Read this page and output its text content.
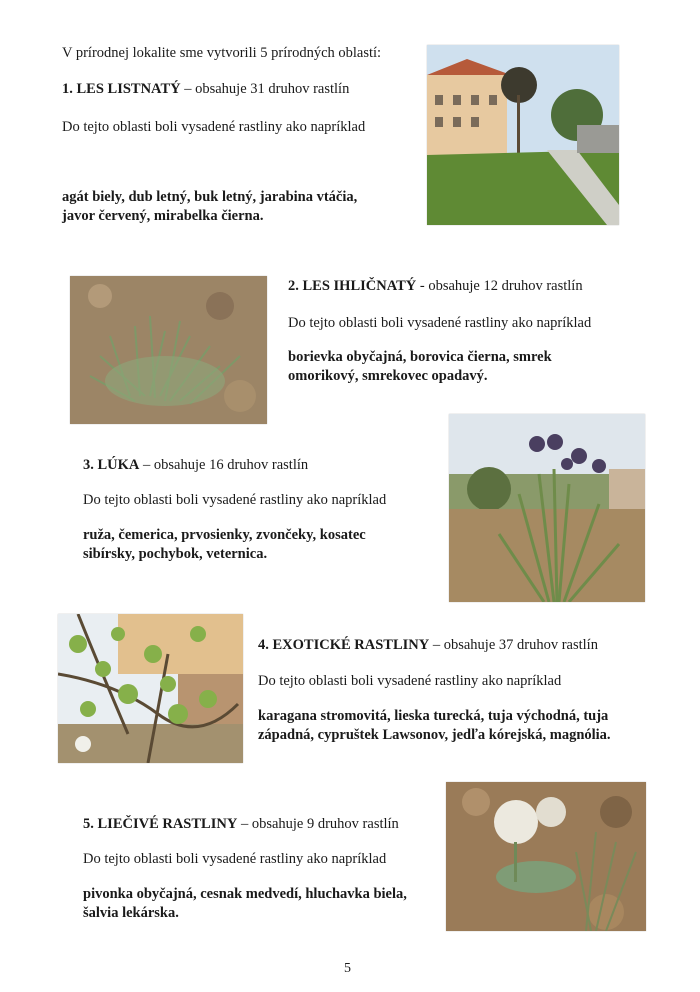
V prírodnej lokalite sme vytvorili 5 prírodných oblastí:
1. LES LISTNATÝ – obsahuje 31 druhov rastlín
Do tejto oblasti boli vysadené rastliny ako napríklad
agát biely, dub letný, buk letný, jarabina vtáčia, javor červený, mirabelka čierna.
2. LES IHLIČNATÝ - obsahuje 12 druhov rastlín
Do tejto oblasti boli vysadené rastliny ako napríklad
borievka obyčajná, borovica čierna, smrek omorikový, smrekovec opadavý.
3. LÚKA – obsahuje 16 druhov rastlín
Do tejto oblasti boli vysadené rastliny ako napríklad
ruža, čemerica, prvosienky, zvončeky, kosatec sibírsky, pochybok, veternica.
4. EXOTICKÉ RASTLINY – obsahuje 37 druhov rastlín
Do tejto oblasti boli vysadené rastliny ako napríklad
karagana stromovitá, lieska turecká, tuja východná, tuja západná, cypruštek Lawsonov, jedľa kórejská, magnólia.
5. LIEČIVÉ RASTLINY – obsahuje 9 druhov rastlín
Do tejto oblasti boli vysadené rastliny ako napríklad
pivonka obyčajná, cesnak medvedí, hluchavka biela, šalvia lekárska.
5
